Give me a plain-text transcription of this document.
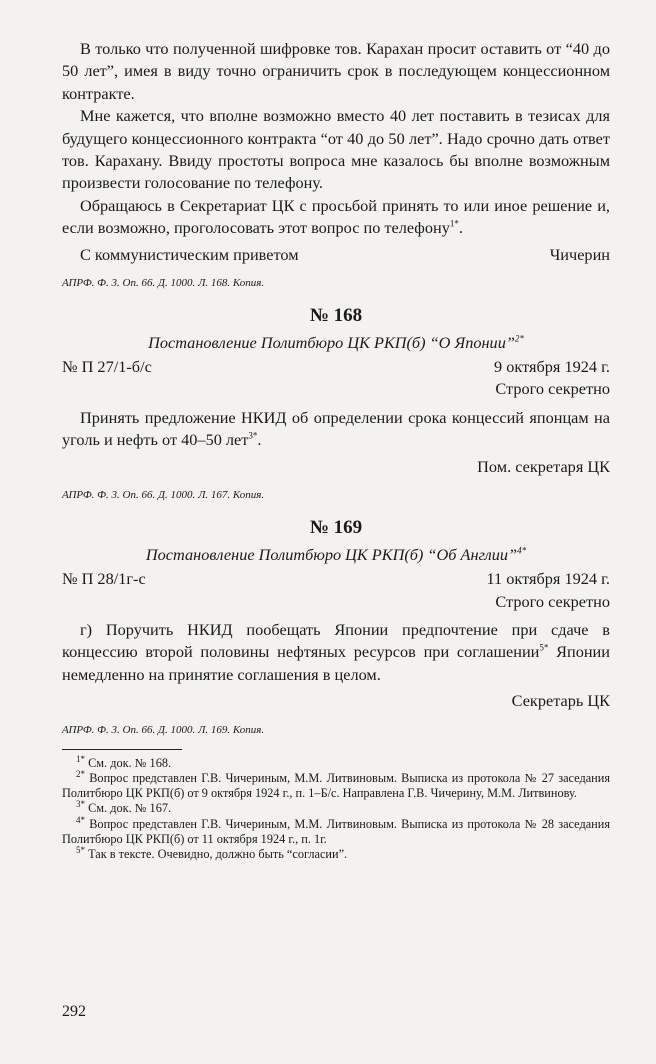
В только что полученной шифровке тов. Карахан просит оставить от “40 до 50 лет”, имея в виду точно ограничить срок в последующем концессионном контракте.

Мне кажется, что вполне возможно вместо 40 лет поставить в тезисах для будущего концессионного контракта “от 40 до 50 лет”. Надо срочно дать ответ тов. Карахану. Ввиду простоты вопроса мне казалось бы вполне возможным произвести голосование по телефону.

Обращаюсь в Секретариат ЦК с просьбой принять то или иное решение и, если возможно, проголосовать этот вопрос по телефону$^{1*}$.

С коммунистическим приветом	Чичерин

АПРФ. Ф. 3. Оп. 66. Д. 1000. Л. 168. Копия.

№ 168

Постановление Политбюро ЦК РКП(б) “О Японии”$^{2*}$

№ П 27/1-б/с	9 октября 1924 г.

Строго секретно

Принять предложение НКИД об определении срока концессий японцам на уголь и нефть от 40–50 лет$^{3*}$.

Пом. секретаря ЦК

АПРФ. Ф. 3. Оп. 66. Д. 1000. Л. 167. Копия.

№ 169

Постановление Политбюро ЦК РКП(б) “Об Англии”$^{4*}$

№ П 28/1г-с	11 октября 1924 г.

Строго секретно

г) Поручить НКИД пообещать Японии предпочтение при сдаче в концессию второй половины нефтяных ресурсов при соглашении$^{5*}$ Японии немедленно на принятие соглашения в целом.

Секретарь ЦК

АПРФ. Ф. 3. Оп. 66. Д. 1000. Л. 169. Копия.

$^{1*}$ См. док. № 168.

$^{2*}$ Вопрос представлен Г.В. Чичериным, М.М. Литвиновым. Выписка из протокола № 27 заседания Политбюро ЦК РКП(б) от 9 октября 1924 г., п. 1–Б/с. Направлена Г.В. Чичерину, М.М. Литвинову.

$^{3*}$ См. док. № 167.

$^{4*}$ Вопрос представлен Г.В. Чичериным, М.М. Литвиновым. Выписка из протокола № 28 заседания Политбюро ЦК РКП(б) от 11 октября 1924 г., п. 1г.

$^{5*}$ Так в тексте. Очевидно, должно быть “согласии”.

292
